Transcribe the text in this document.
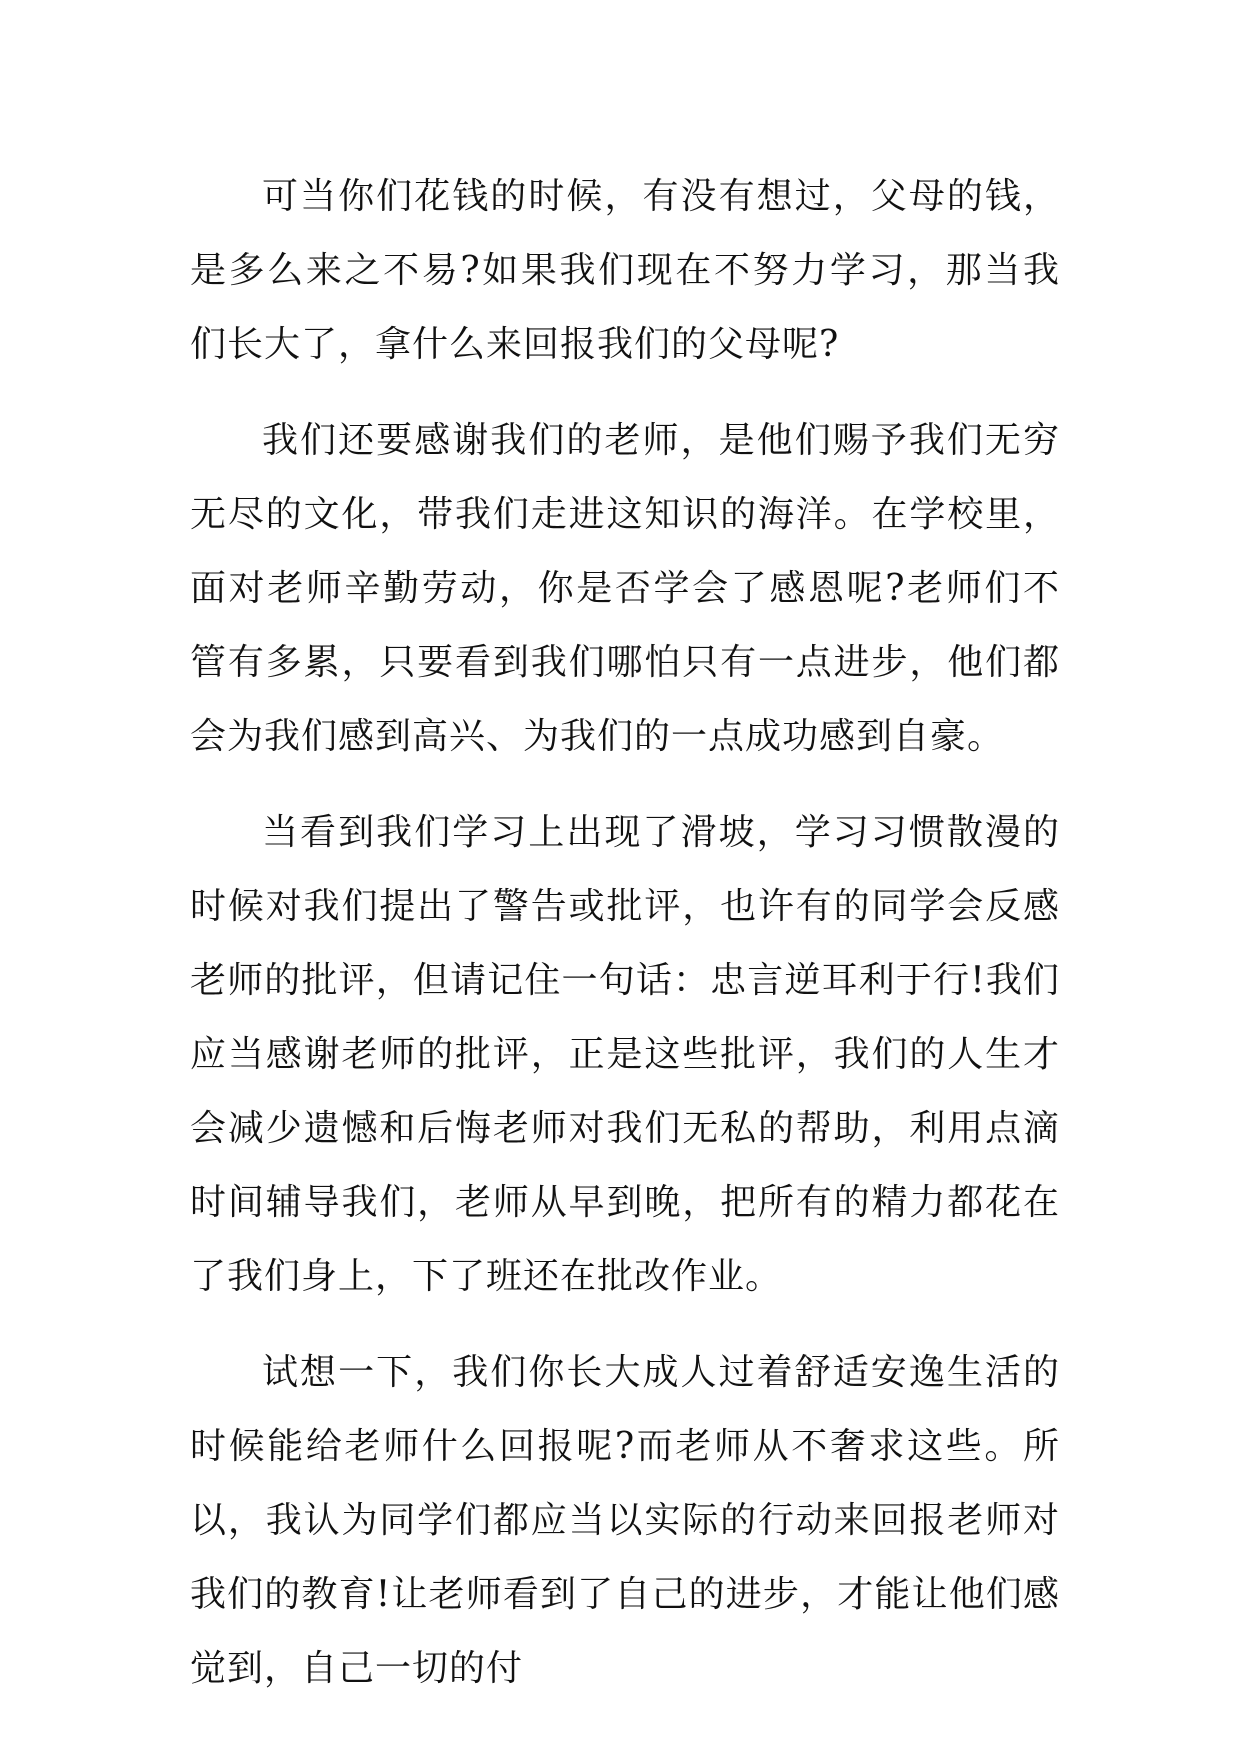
可当你们花钱的时候，有没有想过，父母的钱，是多么来之不易?如果我们现在不努力学习，那当我们长大了，拿什么来回报我们的父母呢?

我们还要感谢我们的老师，是他们赐予我们无穷无尽的文化，带我们走进这知识的海洋。在学校里，面对老师辛勤劳动，你是否学会了感恩呢?老师们不管有多累，只要看到我们哪怕只有一点进步，他们都会为我们感到高兴、为我们的一点成功感到自豪。

当看到我们学习上出现了滑坡，学习习惯散漫的时候对我们提出了警告或批评，也许有的同学会反感老师的批评，但请记住一句话：忠言逆耳利于行!我们应当感谢老师的批评，正是这些批评，我们的人生才会减少遗憾和后悔老师对我们无私的帮助，利用点滴时间辅导我们，老师从早到晚，把所有的精力都花在了我们身上，下了班还在批改作业。

试想一下，我们你长大成人过着舒适安逸生活的时候能给老师什么回报呢?而老师从不奢求这些。所以，我认为同学们都应当以实际的行动来回报老师对我们的教育!让老师看到了自己的进步，才能让他们感觉到，自己一切的付
